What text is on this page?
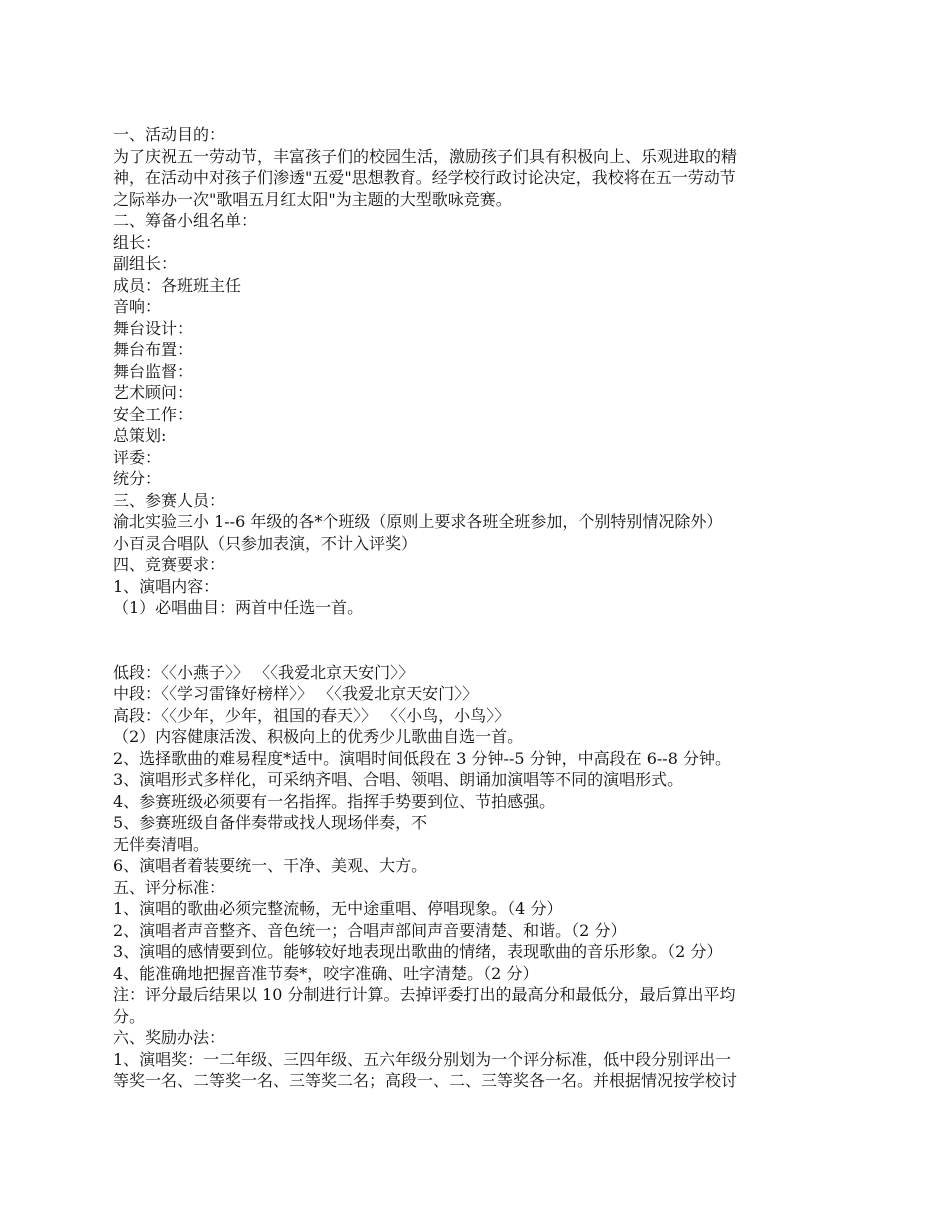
一、活动目的：
为了庆祝五一劳动节，丰富孩子们的校园生活，激励孩子们具有积极向上、乐观进取的精
神，在活动中对孩子们渗透"五爱"思想教育。经学校行政讨论决定，我校将在五一劳动节
之际举办一次"歌唱五月红太阳"为主题的大型歌咏竞赛。
二、筹备小组名单：
组长：
副组长：
成员：各班班主任
音响：
舞台设计：
舞台布置：
舞台监督：
艺术顾问：
安全工作：
总策划:
评委：
统分：
三、参赛人员：
渝北实验三小 1--6 年级的各*个班级（原则上要求各班全班参加，个别特别情况除外）
小百灵合唱队（只参加表演，不计入评奖）
四、竞赛要求：
1、演唱内容：
（1）必唱曲目：两首中任选一首。
低段：〈〈小燕子〉〉 〈〈我爱北京天安门〉〉
中段：〈〈学习雷锋好榜样〉〉 〈〈我爱北京天安门〉〉
高段：〈〈少年，少年，祖国的春天〉〉 〈〈小鸟，小鸟〉〉
（2）内容健康活泼、积极向上的优秀少儿歌曲自选一首。
2、选择歌曲的难易程度*适中。演唱时间低段在 3 分钟--5 分钟，中高段在 6--8 分钟。
3、演唱形式多样化，可采纳齐唱、合唱、领唱、朗诵加演唱等不同的演唱形式。
4、参赛班级必须要有一名指挥。指挥手势要到位、节拍感强。
5、参赛班级自备伴奏带或找人现场伴奏，不
无伴奏清唱。
6、演唱者着装要统一、干净、美观、大方。
五、评分标准：
1、演唱的歌曲必须完整流畅，无中途重唱、停唱现象。（4 分）
2、演唱者声音整齐、音色统一；合唱声部间声音要清楚、和谐。（2 分）
3、演唱的感情要到位。能够较好地表现出歌曲的情绪，表现歌曲的音乐形象。（2 分）
4、能准确地把握音准节奏*，咬字准确、吐字清楚。（2 分）
注：评分最后结果以 10 分制进行计算。去掉评委打出的最高分和最低分，最后算出平均
分。
六、奖励办法：
1、演唱奖：一二年级、三四年级、五六年级分别划为一个评分标准，低中段分别评出一
等奖一名、二等奖一名、三等奖二名；高段一、二、三等奖各一名。并根据情况按学校讨
